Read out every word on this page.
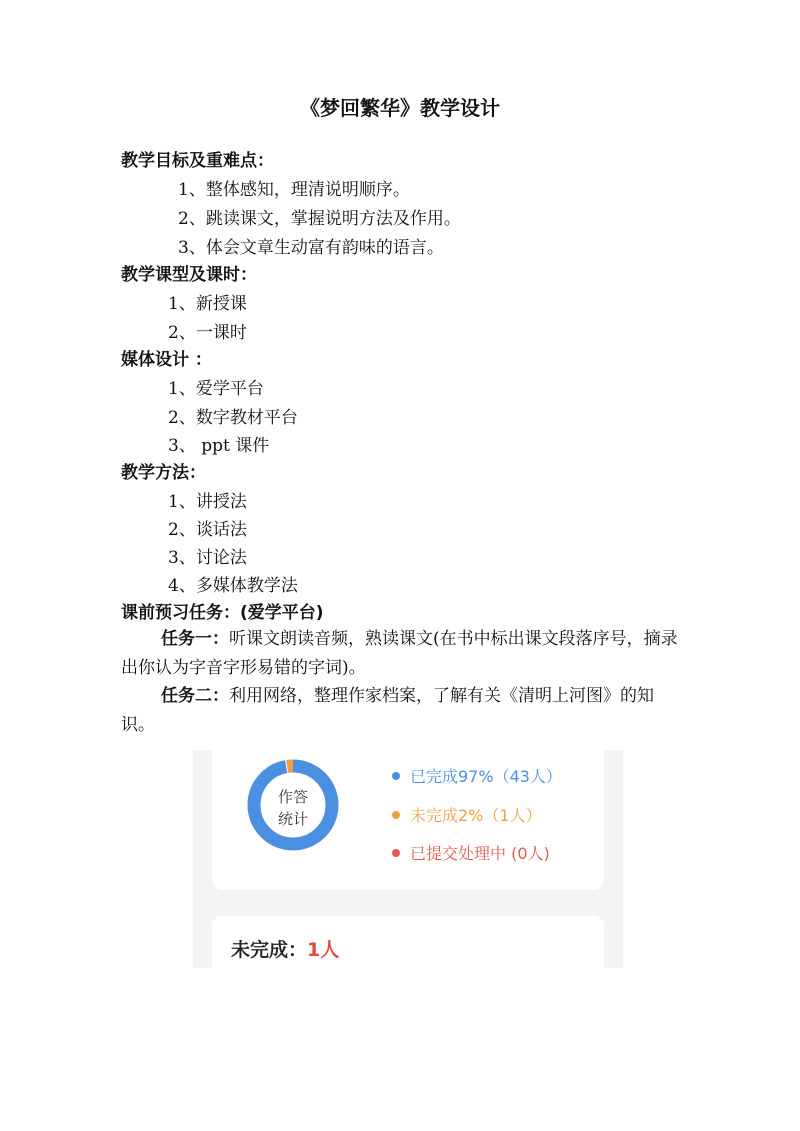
《梦回繁华》教学设计
教学目标及重难点：
1、整体感知，理清说明顺序。
2、跳读课文，掌握说明方法及作用。
3、体会文章生动富有韵味的语言。
教学课型及课时：
1、新授课
2、一课时
媒体设计 ：
1、爱学平台
2、数字教材平台
3、 ppt 课件
教学方法：
1、讲授法
2、谈话法
3、讨论法
4、多媒体教学法
课前预习任务：(爱学平台)
任务一：听课文朗读音频，熟读课文(在书中标出课文段落序号，摘录出你认为字音字形易错的字词)。
任务二：利用网络，整理作家档案，了解有关《清明上河图》的知识。
作答
统计
已完成97%（43人）
未完成2%（1人）
已提交处理中 (0人)
未完成：1人
